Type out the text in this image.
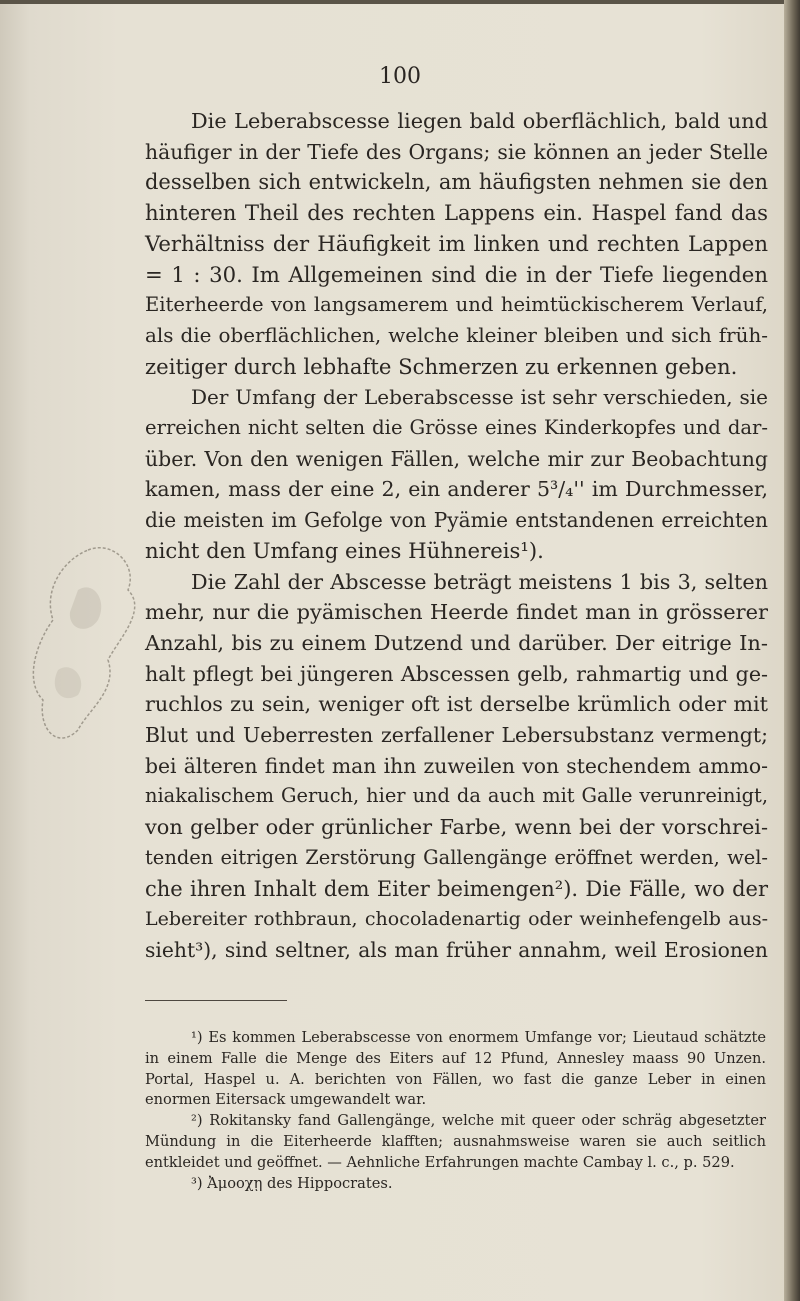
100
Die Leberabscesse liegen bald oberflächlich, bald und
häufiger in der Tiefe des Organs; sie können an jeder Stelle
desselben sich entwickeln, am häufigsten nehmen sie den
hinteren Theil des rechten Lappens ein. Haspel fand das
Verhältniss der Häufigkeit im linken und rechten Lappen
= 1 : 30. Im Allgemeinen sind die in der Tiefe liegenden
Eiterheerde von langsamerem und heimtückischerem Verlauf,
als die oberflächlichen, welche kleiner bleiben und sich früh-
zeitiger durch lebhafte Schmerzen zu erkennen geben.
Der Umfang der Leberabscesse ist sehr verschieden, sie
erreichen nicht selten die Grösse eines Kinderkopfes und dar-
über. Von den wenigen Fällen, welche mir zur Beobachtung
kamen, mass der eine 2, ein anderer 5³/₄'' im Durchmesser,
die meisten im Gefolge von Pyämie entstandenen erreichten
nicht den Umfang eines Hühnereis¹).
Die Zahl der Abscesse beträgt meistens 1 bis 3, selten
mehr, nur die pyämischen Heerde findet man in grösserer
Anzahl, bis zu einem Dutzend und darüber. Der eitrige In-
halt pflegt bei jüngeren Abscessen gelb, rahmartig und ge-
ruchlos zu sein, weniger oft ist derselbe krümlich oder mit
Blut und Ueberresten zerfallener Lebersubstanz vermengt;
bei älteren findet man ihn zuweilen von stechendem ammo-
niakalischem Geruch, hier und da auch mit Galle verunreinigt,
von gelber oder grünlicher Farbe, wenn bei der vorschrei-
tenden eitrigen Zerstörung Gallengänge eröffnet werden, wel-
che ihren Inhalt dem Eiter beimengen²). Die Fälle, wo der
Lebereiter rothbraun, chocoladenartig oder weinhefengelb aus-
sieht³), sind seltner, als man früher annahm, weil Erosionen
¹) Es kommen Leberabscesse von enormem Umfange vor; Lieutaud schätzte
in einem Falle die Menge des Eiters auf 12 Pfund, Annesley maass 90 Unzen.
Portal, Haspel u. A. berichten von Fällen, wo fast die ganze Leber in einen
enormen Eitersack umgewandelt war.
²) Rokitansky fand Gallengänge, welche mit queer oder schräg abgesetzter
Mündung in die Eiterheerde klafften; ausnahmsweise waren sie auch seitlich
entkleidet und geöffnet. — Aehnliche Erfahrungen machte Cambay l. c., p. 529.
³) Ἀμοοχῃ des Hippocrates.
